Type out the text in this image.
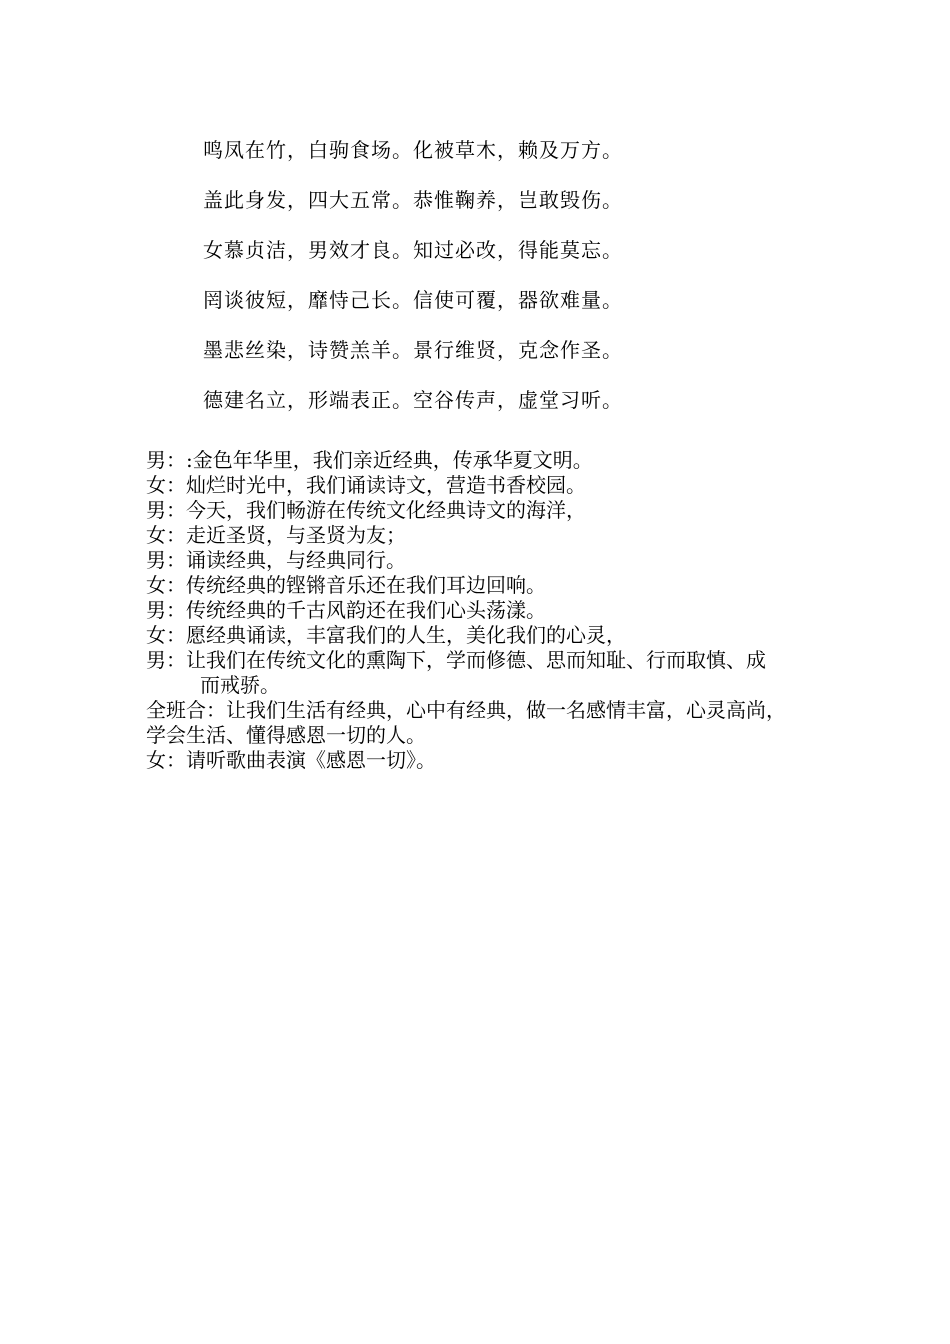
鸣凤在竹，白驹食场。化被草木，赖及万方。
盖此身发，四大五常。恭惟鞠养，岂敢毁伤。
女慕贞洁，男效才良。知过必改，得能莫忘。
罔谈彼短，靡恃己长。信使可覆，器欲难量。
墨悲丝染，诗赞羔羊。景行维贤，克念作圣。
德建名立，形端表正。空谷传声，虚堂习听。
男：:金色年华里，我们亲近经典，传承华夏文明。
女：灿烂时光中，我们诵读诗文，营造书香校园。
男：今天，我们畅游在传统文化经典诗文的海洋，
女：走近圣贤，与圣贤为友；
男：诵读经典，与经典同行。
女：传统经典的铿锵音乐还在我们耳边回响。
男：传统经典的千古风韵还在我们心头荡漾。
女：愿经典诵读，丰富我们的人生，美化我们的心灵，
男：让我们在传统文化的熏陶下，学而修德、思而知耻、行而取慎、成
而戒骄。
全班合：让我们生活有经典，心中有经典，做一名感情丰富，心灵高尚，
学会生活、懂得感恩一切的人。
女：请听歌曲表演《感恩一切》。
